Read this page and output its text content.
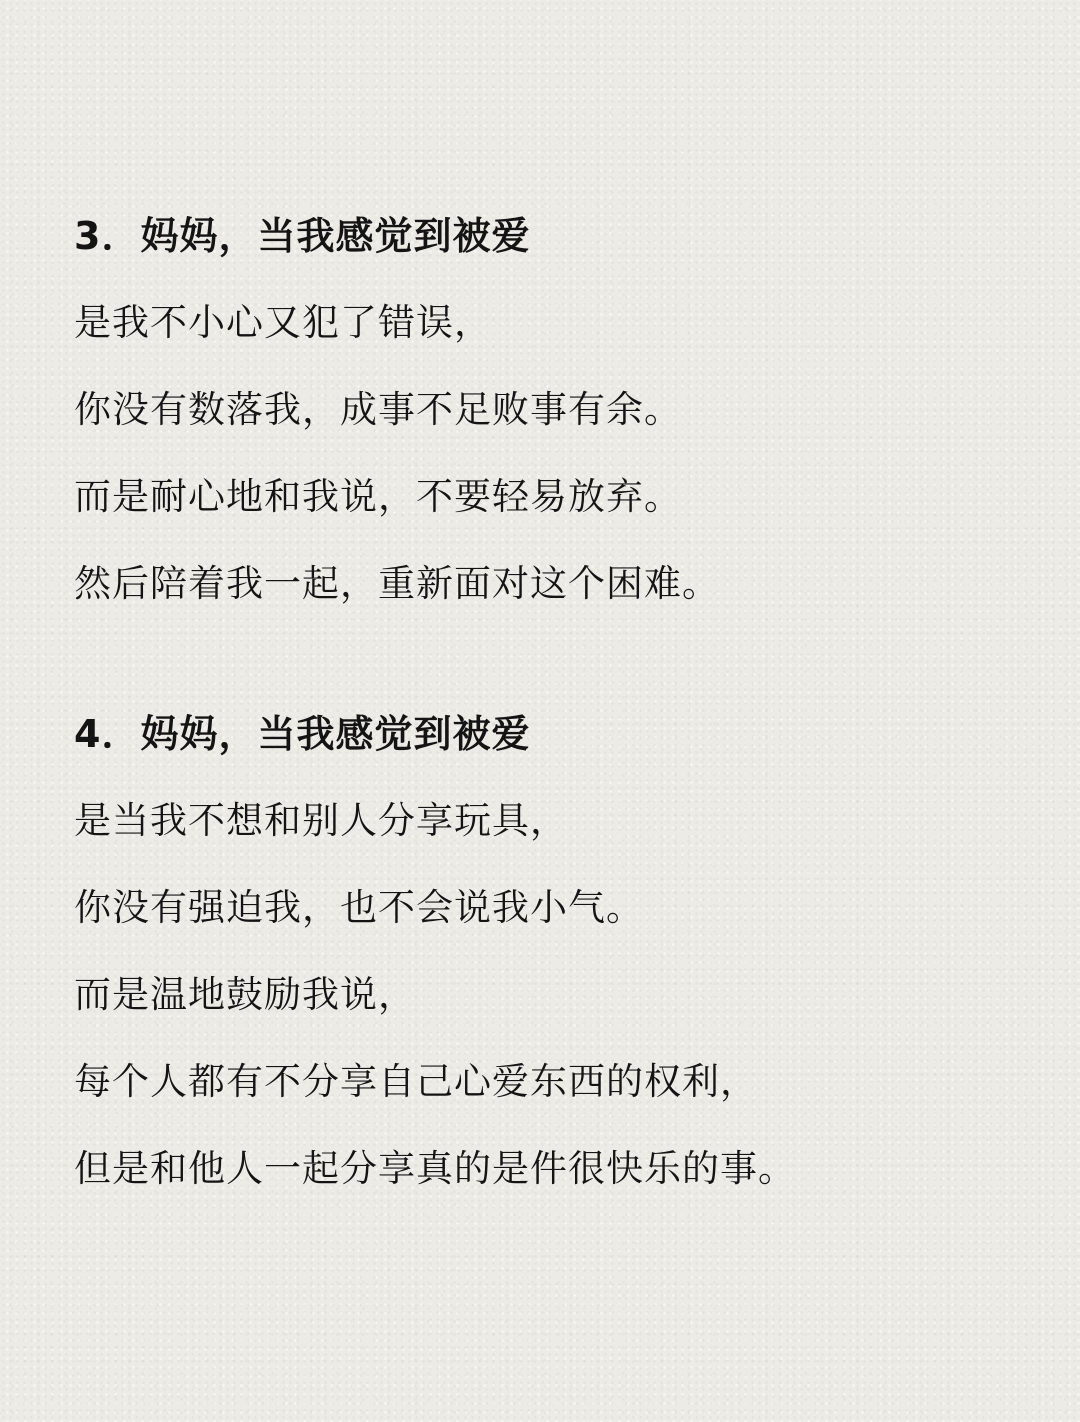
3．妈妈，当我感觉到被爱
是我不小心又犯了错误，
你没有数落我，成事不足败事有余。
而是耐心地和我说，不要轻易放弃。
然后陪着我一起，重新面对这个困难。
4．妈妈，当我感觉到被爱
是当我不想和别人分享玩具，
你没有强迫我，也不会说我小气。
而是温地鼓励我说，
每个人都有不分享自己心爱东西的权利，
但是和他人一起分享真的是件很快乐的事。
